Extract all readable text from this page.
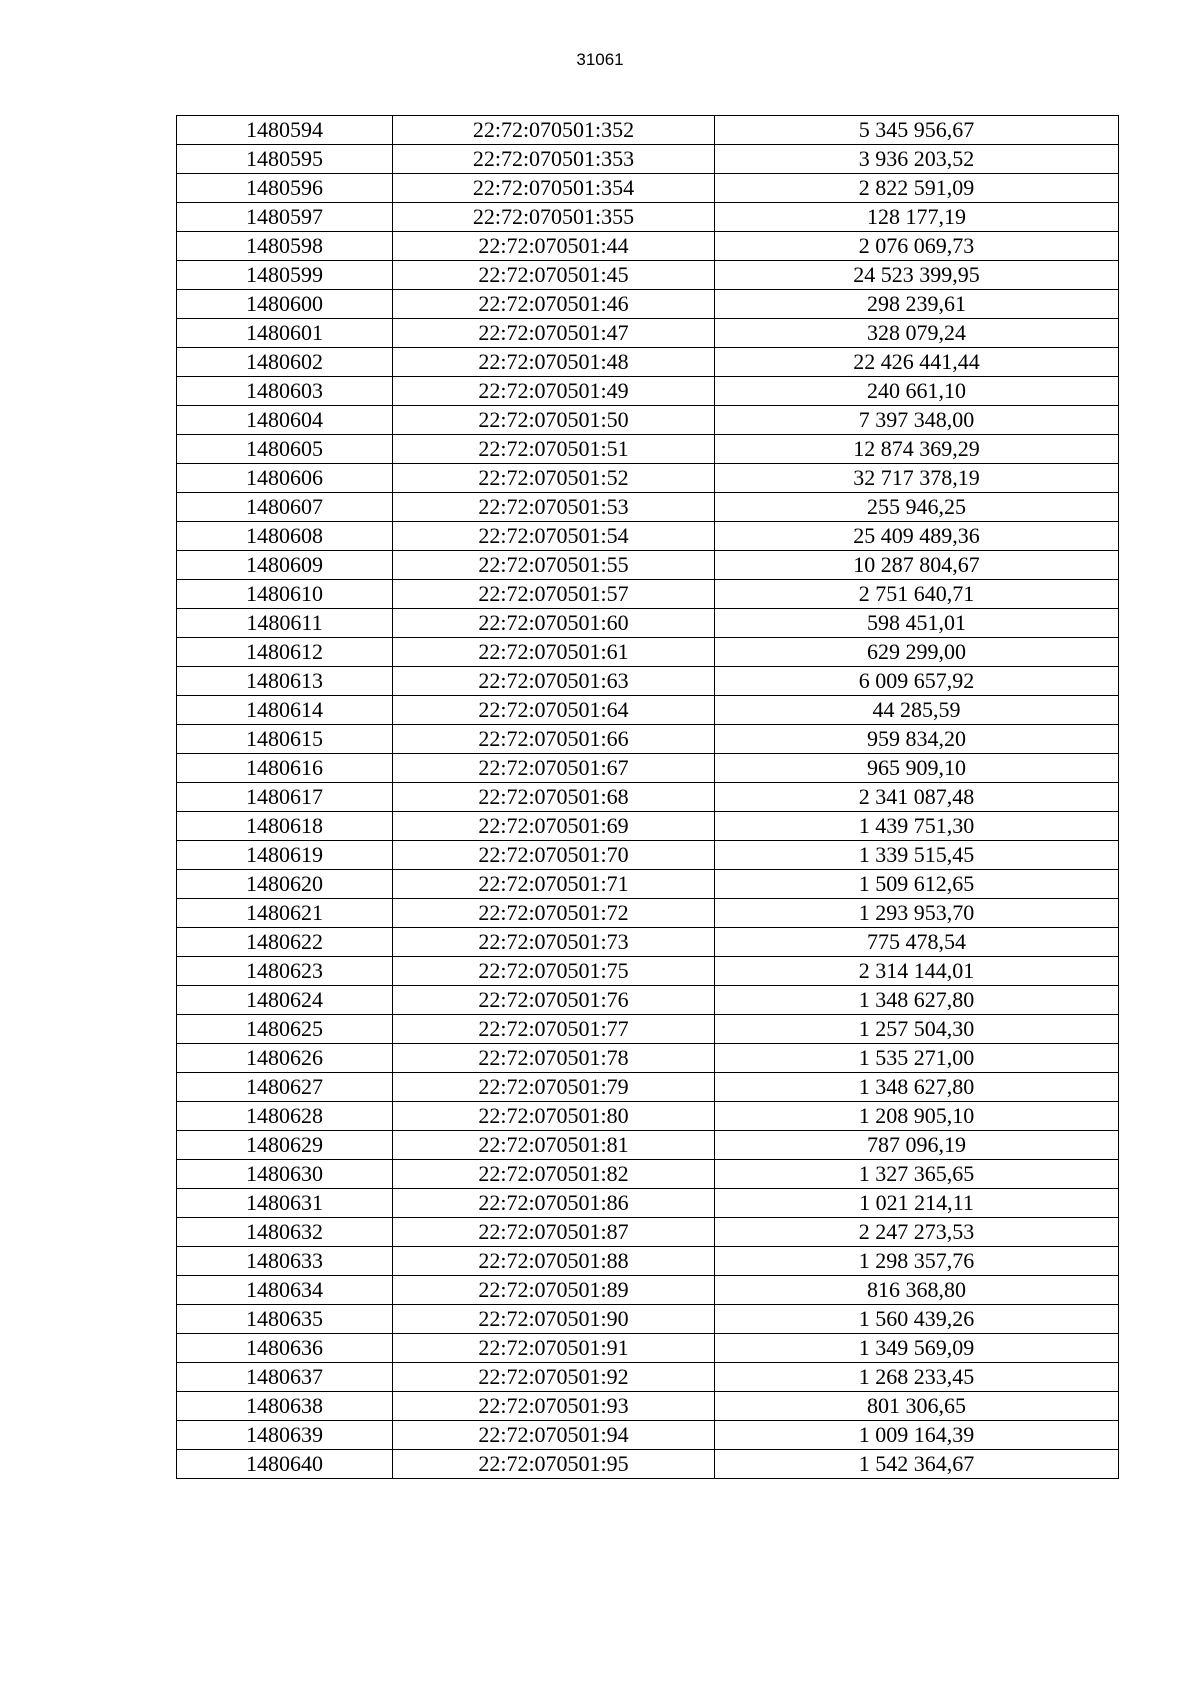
31061
1480594	22:72:070501:352	5 345 956,67
1480595	22:72:070501:353	3 936 203,52
1480596	22:72:070501:354	2 822 591,09
1480597	22:72:070501:355	128 177,19
1480598	22:72:070501:44	2 076 069,73
1480599	22:72:070501:45	24 523 399,95
1480600	22:72:070501:46	298 239,61
1480601	22:72:070501:47	328 079,24
1480602	22:72:070501:48	22 426 441,44
1480603	22:72:070501:49	240 661,10
1480604	22:72:070501:50	7 397 348,00
1480605	22:72:070501:51	12 874 369,29
1480606	22:72:070501:52	32 717 378,19
1480607	22:72:070501:53	255 946,25
1480608	22:72:070501:54	25 409 489,36
1480609	22:72:070501:55	10 287 804,67
1480610	22:72:070501:57	2 751 640,71
1480611	22:72:070501:60	598 451,01
1480612	22:72:070501:61	629 299,00
1480613	22:72:070501:63	6 009 657,92
1480614	22:72:070501:64	44 285,59
1480615	22:72:070501:66	959 834,20
1480616	22:72:070501:67	965 909,10
1480617	22:72:070501:68	2 341 087,48
1480618	22:72:070501:69	1 439 751,30
1480619	22:72:070501:70	1 339 515,45
1480620	22:72:070501:71	1 509 612,65
1480621	22:72:070501:72	1 293 953,70
1480622	22:72:070501:73	775 478,54
1480623	22:72:070501:75	2 314 144,01
1480624	22:72:070501:76	1 348 627,80
1480625	22:72:070501:77	1 257 504,30
1480626	22:72:070501:78	1 535 271,00
1480627	22:72:070501:79	1 348 627,80
1480628	22:72:070501:80	1 208 905,10
1480629	22:72:070501:81	787 096,19
1480630	22:72:070501:82	1 327 365,65
1480631	22:72:070501:86	1 021 214,11
1480632	22:72:070501:87	2 247 273,53
1480633	22:72:070501:88	1 298 357,76
1480634	22:72:070501:89	816 368,80
1480635	22:72:070501:90	1 560 439,26
1480636	22:72:070501:91	1 349 569,09
1480637	22:72:070501:92	1 268 233,45
1480638	22:72:070501:93	801 306,65
1480639	22:72:070501:94	1 009 164,39
1480640	22:72:070501:95	1 542 364,67
